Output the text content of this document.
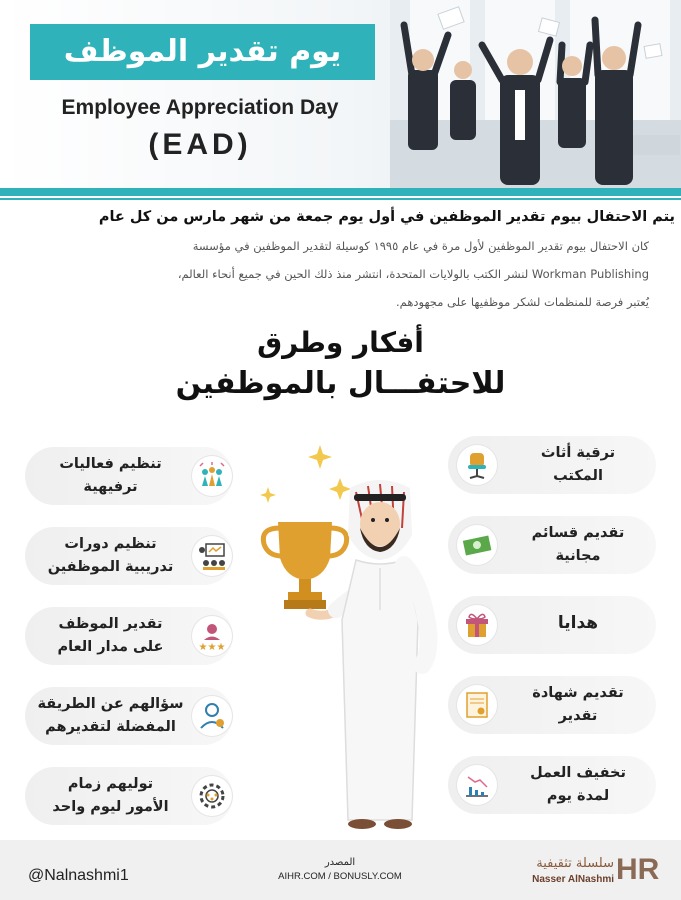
يوم تقدير الموظف
Employee Appreciation Day
(EAD)
يتم الاحتفال بيوم تقدير الموظفين في أول يوم جمعة من شهر مارس من كل عام
كان الاحتفال بيوم تقدير الموظفين لأول مرة في عام ١٩٩٥ كوسيلة لتقدير الموظفين في مؤسسة
Workman Publishing لنشر الكتب بالولايات المتحدة، انتشر منذ ذلك الحين في جميع أنحاء العالم،
يُعتبر فرصة للمنظمات لشكر موظفيها على مجهودهم.
أفكار وطرق
للاحتفـــال بالموظفين
تنظيم فعاليات
ترفيهية
تنظيم دورات
تدريبية الموظفين
تقدير الموظف
على مدار العام	★★★
سؤالهم عن الطريقة
المفضلة لتقديرهم
توليهم زمام
الأمور ليوم واحد
ترقية أثاث
المكتب
تقديم قسائم
مجانية
هدايا
تقديم شهادة
تقدير
تخفيف العمل
لمدة يوم
@Nalnashmi1
المصدر
AIHR.COM / BONUSLY.COM
سلسلة تثقيفية
Nasser AlNashmi HR
